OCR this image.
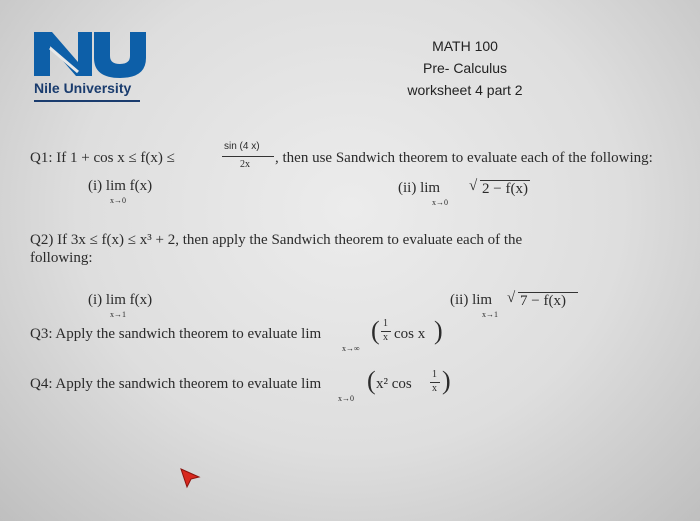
Nile University
MATH 100
Pre- Calculus
worksheet 4 part 2
Q1: If 1 + cos x ≤ f(x) ≤
sin (4 x)
2x , then use Sandwich theorem to evaluate each of the following:
(i) lim f(x)
x→0
(ii) lim √ 2 − f(x)
x→0
Q2) If 3x ≤ f(x) ≤ x³ + 2, then apply the Sandwich theorem to evaluate each of the
following:
(i) lim f(x)
x→1
(ii) lim √ 7 − f(x)
x→1
Q3: Apply the sandwich theorem to evaluate lim
x→∞
( 1
x cos x )
Q4: Apply the sandwich theorem to evaluate lim
x→0
( x² cos
1
x )
